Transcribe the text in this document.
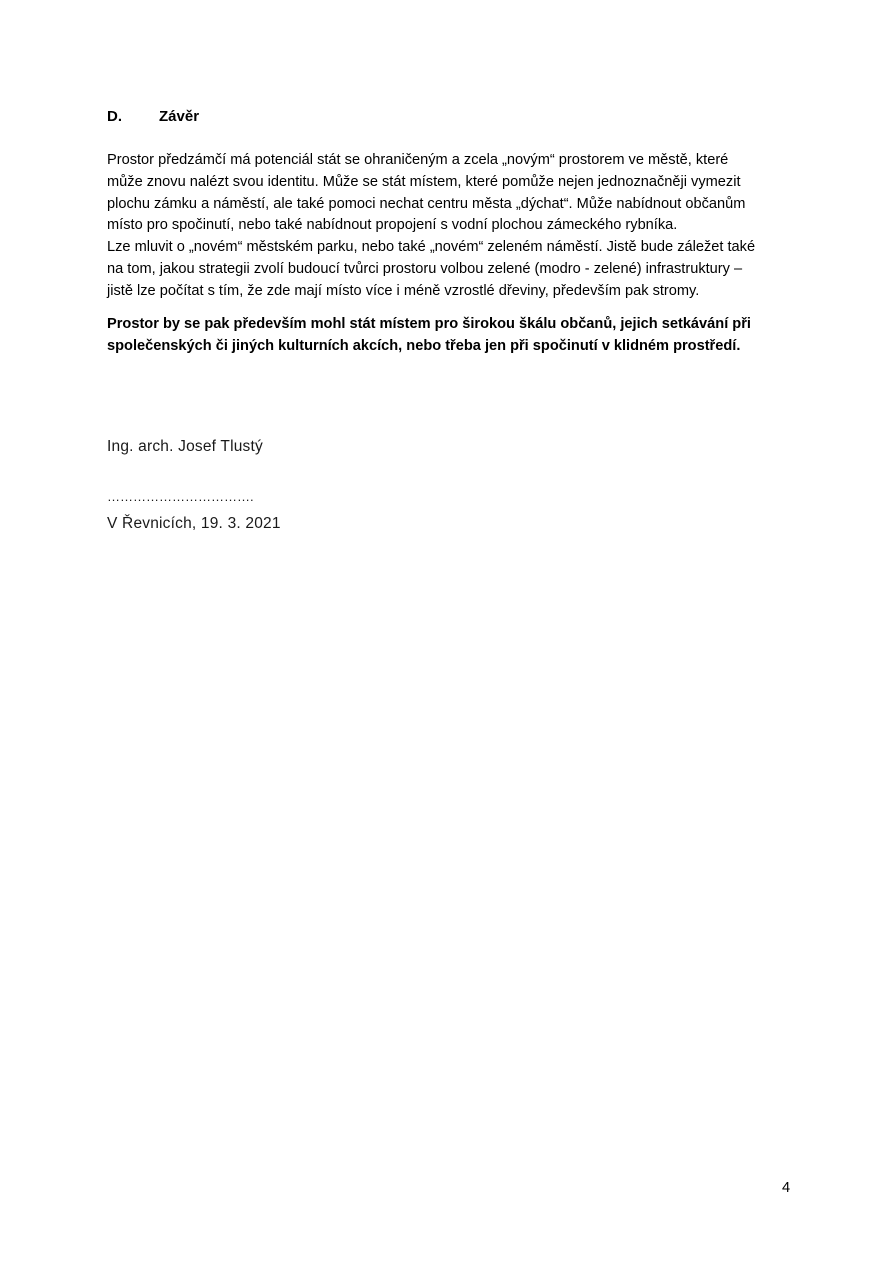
D. Závěr
Prostor předzámčí má potenciál stát se ohraničeným a zcela „novým“ prostorem ve městě, které
může znovu nalézt svou identitu. Může se stát místem, které pomůže nejen jednoznačněji vymezit
plochu zámku a náměstí, ale také pomoci nechat centru města „dýchat“. Může nabídnout občanům
místo pro spočinutí, nebo také nabídnout propojení s vodní plochou zámeckého rybníka.
Lze mluvit o „novém“ městském parku, nebo také „novém“ zeleném náměstí. Jistě bude záležet také
na tom, jakou strategii zvolí budoucí tvůrci prostoru volbou zelené (modro - zelené) infrastruktury –
jistě lze počítat s tím, že zde mají místo více i méně vzrostlé dřeviny, především pak stromy.
Prostor by se pak především mohl stát místem pro širokou škálu občanů, jejich setkávání při
společenských či jiných kulturních akcích, nebo třeba jen při spočinutí v klidném prostředí.
Ing. arch. Josef Tlustý
…………………………….
V Řevnicích, 19. 3. 2021
4
